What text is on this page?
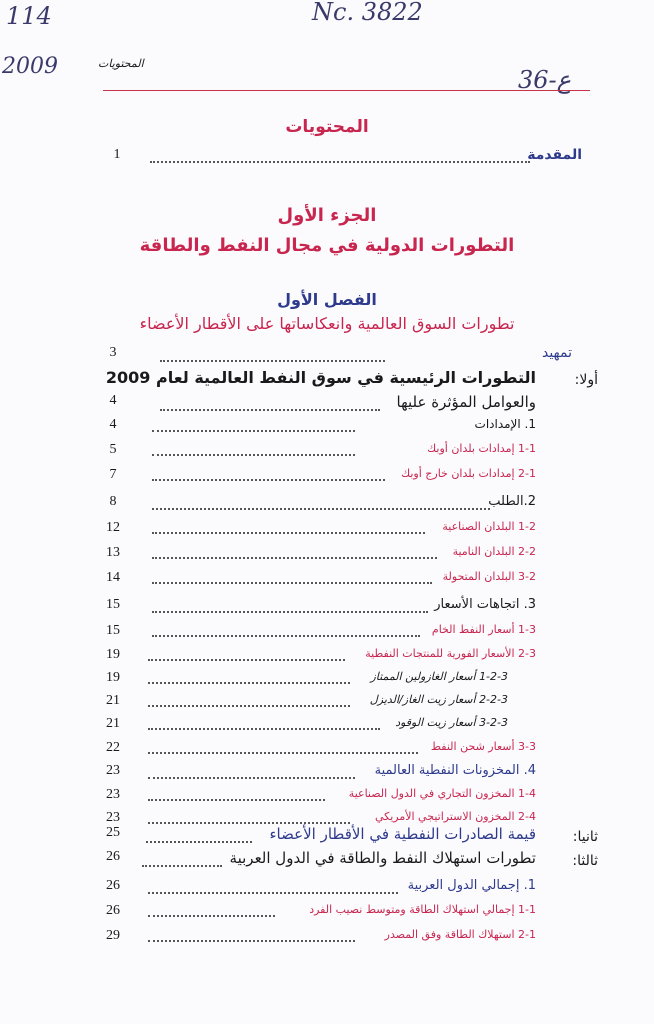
114	Nc. 3822
2009	36-ع
المحتويات
المحتويات
المقدمة
1
الجزء الأول
التطورات الدولية في مجال النفط والطاقة
الفصل الأول
تطورات السوق العالمية وانعكاساتها على الأقطار الأعضاء
تمهيد
3
أولا:
التطورات الرئيسية في سوق النفط العالمية لعام 2009
والعوامل المؤثرة عليها
4
1. الإمدادات
4
1-1 إمدادات بلدان أوبك
5
2-1 إمدادات بلدان خارج أوبك
7
2.الطلب
8
1-2 البلدان الصناعية
12
2-2 البلدان النامية
13
3-2 البلدان المتحولة
14
3. اتجاهات الأسعار
15
1-3 أسعار النفط الخام
15
2-3 الأسعار الفورية للمنتجات النفطية
19
1-2-3 أسعار الغازولين الممتاز
19
2-2-3 أسعار زيت الغاز/الديزل
21
3-2-3 أسعار زيت الوقود
21
3-3 أسعار شحن النفط
22
4. المخزونات النفطية العالمية
23
1-4 المخزون التجاري في الدول الصناعية
23
2-4 المخزون الاستراتيجي الأمريكي
23
ثانيا:
قيمة الصادرات النفطية في الأقطار الأعضاء
25
ثالثا:
تطورات استهلاك النفط والطاقة في الدول العربية
26
1. إجمالي الدول العربية
26
1-1 إجمالي استهلاك الطاقة ومتوسط نصيب الفرد
26
2-1 استهلاك الطاقة وفق المصدر
29
